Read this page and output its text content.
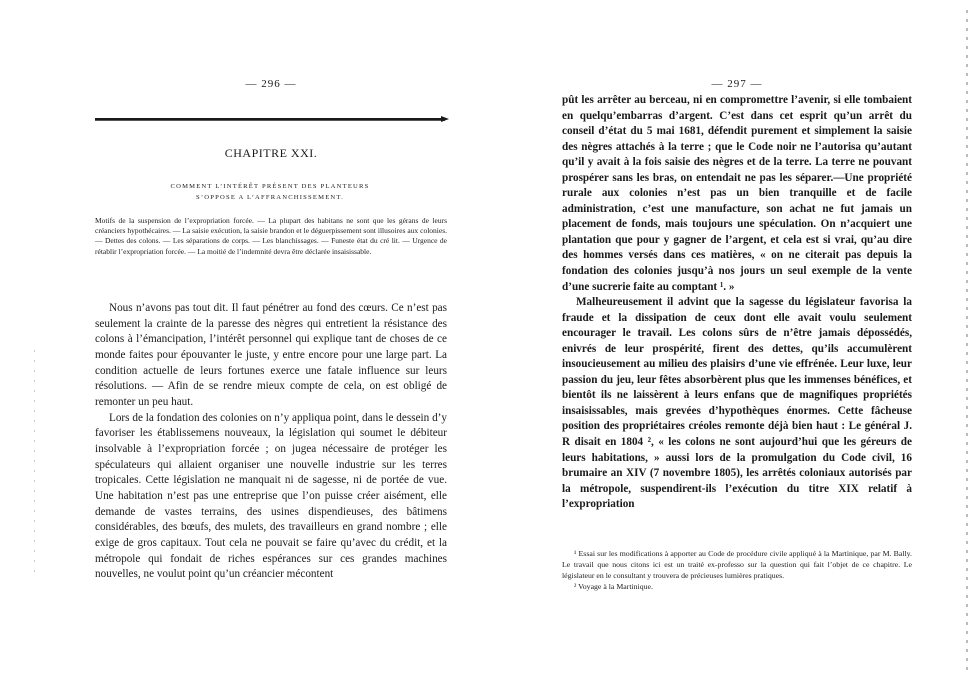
— 296 —
CHAPITRE XXI.
COMMENT L’INTÉRÊT PRÉSENT DES PLANTEURS
S’OPPOSE A L’AFFRANCHISSEMENT.

Motifs de la suspension de l’expropriation forcée. — La plupart des habitans ne sont que les gérans de leurs créanciers hypothécaires. — La saisie exécution, la saisie brandon et le déguerpissement sont illusoires aux colonies. — Dettes des colons. — Les séparations de corps. — Les blanchissages. — Funeste état du cré lit. — Urgence de rétablir l’expropriation forcée. — La moitié de l’indemnité devra être déclarée insaisissable.

Nous n’avons pas tout dit. Il faut pénétrer au fond des cœurs. Ce n’est pas seulement la crainte de la paresse des nègres qui entretient la résistance des colons à l’émancipation, l’intérêt personnel qui explique tant de choses de ce monde faites pour épouvanter le juste, y entre encore pour une large part. La condition actuelle de leurs fortunes exerce une fatale influence sur leurs résolutions. — Afin de se rendre mieux compte de cela, on est obligé de remonter un peu haut.

Lors de la fondation des colonies on n’y appliqua point, dans le dessein d’y favoriser les établissemens nouveaux, la législation qui soumet le débiteur insolvable à l’expropriation forcée ; on jugea nécessaire de protéger les spéculateurs qui allaient organiser une nouvelle industrie sur les terres tropicales. Cette législation ne manquait ni de sagesse, ni de portée de vue. Une habitation n’est pas une entreprise que l’on puisse créer aisément, elle demande de vastes terrains, des usines dispendieuses, des bâtimens considérables, des bœufs, des mulets, des travailleurs en grand nombre ; elle exige de gros capitaux. Tout cela ne pouvait se faire qu’avec du crédit, et la métropole qui fondait de riches espérances sur ces grandes machines nouvelles, ne voulut point qu’un créancier mécontent

— 297 —

pût les arrêter au berceau, ni en compromettre l’avenir, si elle tombaient en quelqu’embarras d’argent. C’est dans cet esprit qu’un arrêt du conseil d’état du 5 mai 1681, défendit purement et simplement la saisie des nègres attachés à la terre ; que le Code noir ne l’autorisa qu’autant qu’il y avait à la fois saisie des nègres et de la terre. La terre ne pouvant prospérer sans les bras, on entendait ne pas les séparer.—Une propriété rurale aux colonies n’est pas un bien tranquille et de facile administration, c’est une manufacture, son achat ne fut jamais un placement de fonds, mais toujours une spéculation. On n’acquiert une plantation que pour y gagner de l’argent, et cela est si vrai, qu’au dire des hommes versés dans ces matières, « on ne citerait pas depuis la fondation des colonies jusqu’à nos jours un seul exemple de la vente d’une sucrerie faite au comptant ¹. »

Malheureusement il advint que la sagesse du législateur favorisa la fraude et la dissipation de ceux dont elle avait voulu seulement encourager le travail. Les colons sûrs de n’être jamais dépossédés, enivrés de leur prospérité, firent des dettes, qu’ils accumulèrent insoucieusement au milieu des plaisirs d’une vie effrénée. Leur luxe, leur passion du jeu, leur fêtes absorbèrent plus que les immenses bénéfices, et bientôt ils ne laissèrent à leurs enfans que de magnifiques propriétés insaisissables, mais grevées d’hypothèques énormes. Cette fâcheuse position des propriétaires créoles remonte déjà bien haut : Le général J. R disait en 1804 ², « les colons ne sont aujourd’hui que les géreurs de leurs habitations, » aussi lors de la promulgation du Code civil, 16 brumaire an XIV (7 novembre 1805), les arrêtés coloniaux autorisés par la métropole, suspendirent-ils l’exécution du titre XIX relatif à l’expropriation

¹ Essai sur les modifications à apporter au Code de procédure civile appliqué à la Martinique, par M. Bally. Le travail que nous citons ici est un traité ex-professo sur la question qui fait l’objet de ce chapitre. Le législateur en le consultant y trouvera de précieuses lumières pratiques.

² Voyage à la Martinique.
